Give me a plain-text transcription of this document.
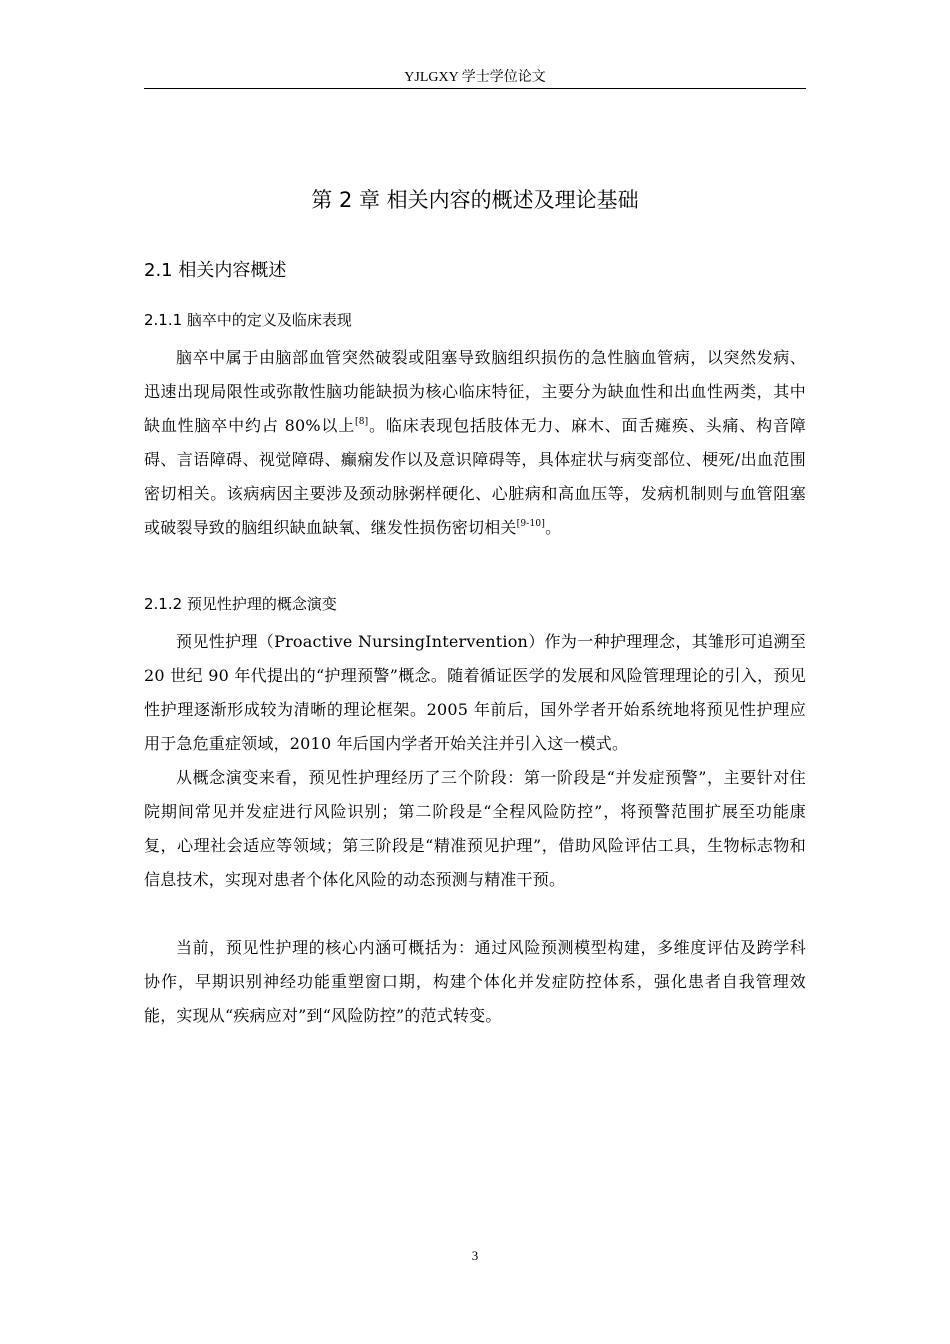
YJLGXY 学士学位论文
第 2 章 相关内容的概述及理论基础
2.1 相关内容概述
2.1.1 脑卒中的定义及临床表现

脑卒中属于由脑部血管突然破裂或阻塞导致脑组织损伤的急性脑血管病，以突然发病、迅速出现局限性或弥散性脑功能缺损为核心临床特征，主要分为缺血性和出血性两类，其中缺血性脑卒中约占 80%以上[8]。临床表现包括肢体无力、麻木、面舌瘫痪、头痛、构音障碍、言语障碍、视觉障碍、癫痫发作以及意识障碍等，具体症状与病变部位、梗死/出血范围密切相关。该病病因主要涉及颈动脉粥样硬化、心脏病和高血压等，发病机制则与血管阻塞或破裂导致的脑组织缺血缺氧、继发性损伤密切相关[9-10]。

2.1.2 预见性护理的概念演变

预见性护理（Proactive NursingIntervention）作为一种护理理念，其雏形可追溯至 20 世纪 90 年代提出的“护理预警”概念。随着循证医学的发展和风险管理理论的引入，预见性护理逐渐形成较为清晰的理论框架。2005 年前后，国外学者开始系统地将预见性护理应用于急危重症领域，2010 年后国内学者开始关注并引入这一模式。

从概念演变来看，预见性护理经历了三个阶段：第一阶段是“并发症预警”，主要针对住院期间常见并发症进行风险识别；第二阶段是“全程风险防控”，将预警范围扩展至功能康复，心理社会适应等领域；第三阶段是“精准预见护理”，借助风险评估工具，生物标志物和信息技术，实现对患者个体化风险的动态预测与精准干预。

当前，预见性护理的核心内涵可概括为：通过风险预测模型构建，多维度评估及跨学科协作，早期识别神经功能重塑窗口期，构建个体化并发症防控体系，强化患者自我管理效能，实现从“疾病应对”到“风险防控”的范式转变。

3
